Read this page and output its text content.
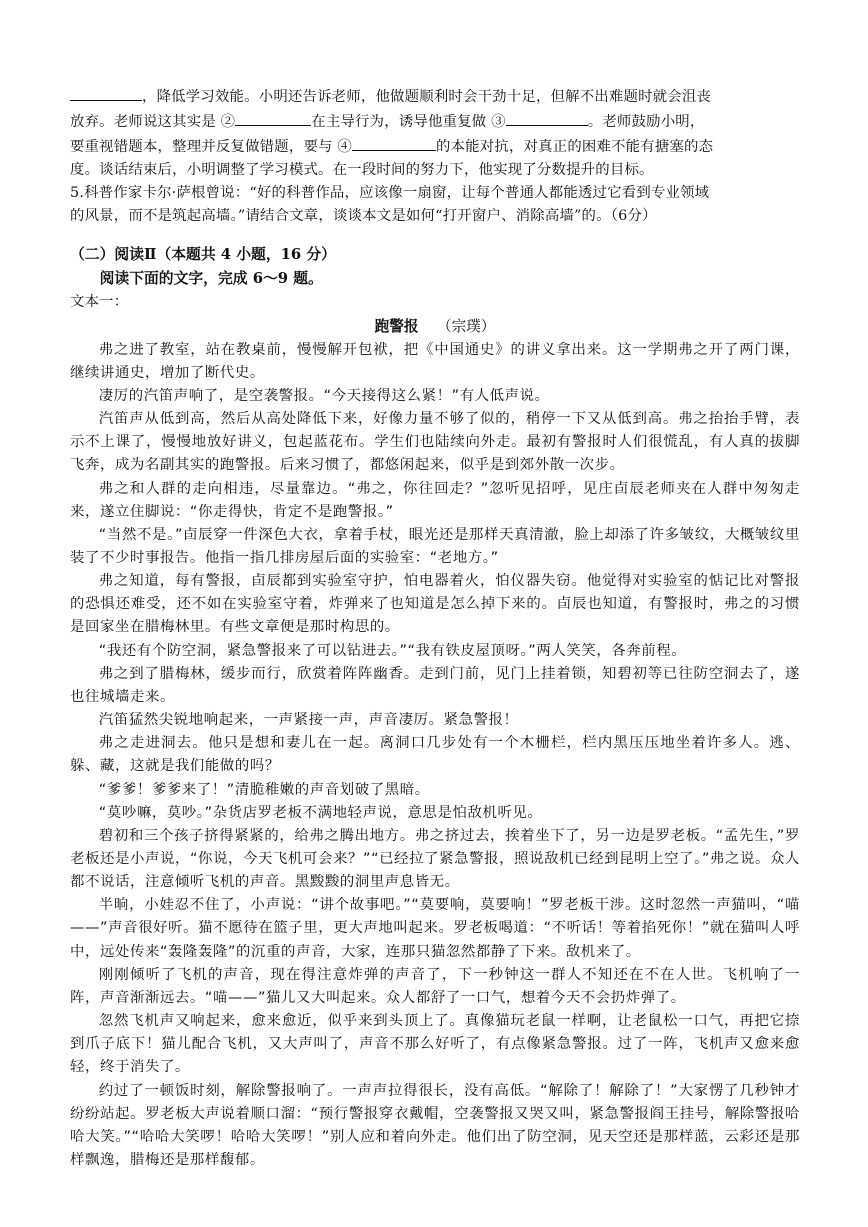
，降低学习效能。小明还告诉老师，他做题顺利时会干劲十足，但解不出难题时就会沮丧

放弃。老师说这其实是 ②	在主导行为，诱导他重复做 ③	。老师鼓励小明，

要重视错题本，整理并反复做错题，要与 ④	的本能对抗，对真正的困难不能有搪塞的态

度。谈话结束后，小明调整了学习模式。在一段时间的努力下，他实现了分数提升的目标。

5.科普作家卡尔·萨根曾说：“好的科普作品，应该像一扇窗，让每个普通人都能透过它看到专业领域

的风景，而不是筑起高墙。”请结合文章，谈谈本文是如何“打开窗户、消除高墙”的。（6分）

（二）阅读Ⅱ（本题共 4 小题，16 分）

阅读下面的文字，完成 6～9 题。

文本一：

跑警报 （宗璞）

弗之进了教室，站在教桌前，慢慢解开包袱，把《中国通史》的讲义拿出来。这一学期弗之开了两门课，继续讲通史，增加了断代史。

凄厉的汽笛声响了，是空袭警报。“今天接得这么紧！”有人低声说。

汽笛声从低到高，然后从高处降低下来，好像力量不够了似的，稍停一下又从低到高。弗之抬抬手臂，表示不上课了，慢慢地放好讲义，包起蓝花布。学生们也陆续向外走。最初有警报时人们很慌乱，有人真的拔脚飞奔，成为名副其实的跑警报。后来习惯了，都悠闲起来，似乎是到郊外散一次步。

弗之和人群的走向相违，尽量靠边。“弗之，你往回走？”忽听见招呼，见庄卣辰老师夹在人群中匆匆走来，遂立住脚说：“你走得快，肯定不是跑警报。”

“当然不是。”卣辰穿一件深色大衣，拿着手杖，眼光还是那样天真清澈，脸上却添了许多皱纹，大概皱纹里装了不少时事报告。他指一指几排房屋后面的实验室：“老地方。”

弗之知道，每有警报，卣辰都到实验室守护，怕电器着火，怕仪器失窃。他觉得对实验室的惦记比对警报的恐惧还难受，还不如在实验室守着，炸弹来了也知道是怎么掉下来的。卣辰也知道，有警报时，弗之的习惯是回家坐在腊梅林里。有些文章便是那时构思的。

“我还有个防空洞，紧急警报来了可以钻进去。”“我有铁皮屋顶呀。”两人笑笑，各奔前程。

弗之到了腊梅林，缓步而行，欣赏着阵阵幽香。走到门前，见门上挂着锁，知碧初等已往防空洞去了，遂也往城墙走来。

汽笛猛然尖锐地响起来，一声紧接一声，声音凄厉。紧急警报！

弗之走进洞去。他只是想和妻儿在一起。离洞口几步处有一个木栅栏，栏内黑压压地坐着许多人。逃、躲、藏，这就是我们能做的吗？

“爹爹！爹爹来了！”清脆稚嫩的声音划破了黑暗。

“莫吵嘛，莫吵。”杂货店罗老板不满地轻声说，意思是怕敌机听见。

碧初和三个孩子挤得紧紧的，给弗之腾出地方。弗之挤过去，挨着坐下了，另一边是罗老板。“孟先生，”罗老板还是小声说，“你说，今天飞机可会来？”“已经拉了紧急警报，照说敌机已经到昆明上空了。”弗之说。众人都不说话，注意倾听飞机的声音。黑黢黢的洞里声息皆无。

半晌，小娃忍不住了，小声说：“讲个故事吧。”“莫要响，莫要响！”罗老板干涉。这时忽然一声猫叫，“喵——”声音很好听。猫不愿待在篮子里，更大声地叫起来。罗老板喝道：“不听话！等着掐死你！”就在猫叫人呼中，远处传来“轰隆轰隆”的沉重的声音，大家，连那只猫忽然都静了下来。敌机来了。

刚刚倾听了飞机的声音，现在得注意炸弹的声音了，下一秒钟这一群人不知还在不在人世。飞机响了一阵，声音渐渐远去。“喵——”猫儿又大叫起来。众人都舒了一口气，想着今天不会扔炸弹了。

忽然飞机声又响起来，愈来愈近，似乎来到头顶上了。真像猫玩老鼠一样啊，让老鼠松一口气，再把它捺到爪子底下！猫儿配合飞机，又大声叫了，声音不那么好听了，有点像紧急警报。过了一阵，飞机声又愈来愈轻，终于消失了。

约过了一顿饭时刻，解除警报响了。一声声拉得很长，没有高低。“解除了！解除了！”大家愣了几秒钟才纷纷站起。罗老板大声说着顺口溜：“预行警报穿衣戴帽，空袭警报又哭又叫，紧急警报阎王挂号，解除警报哈哈大笑。”“哈哈大笑啰！哈哈大笑啰！”别人应和着向外走。他们出了防空洞，见天空还是那样蓝，云彩还是那样飘逸，腊梅还是那样馥郁。
